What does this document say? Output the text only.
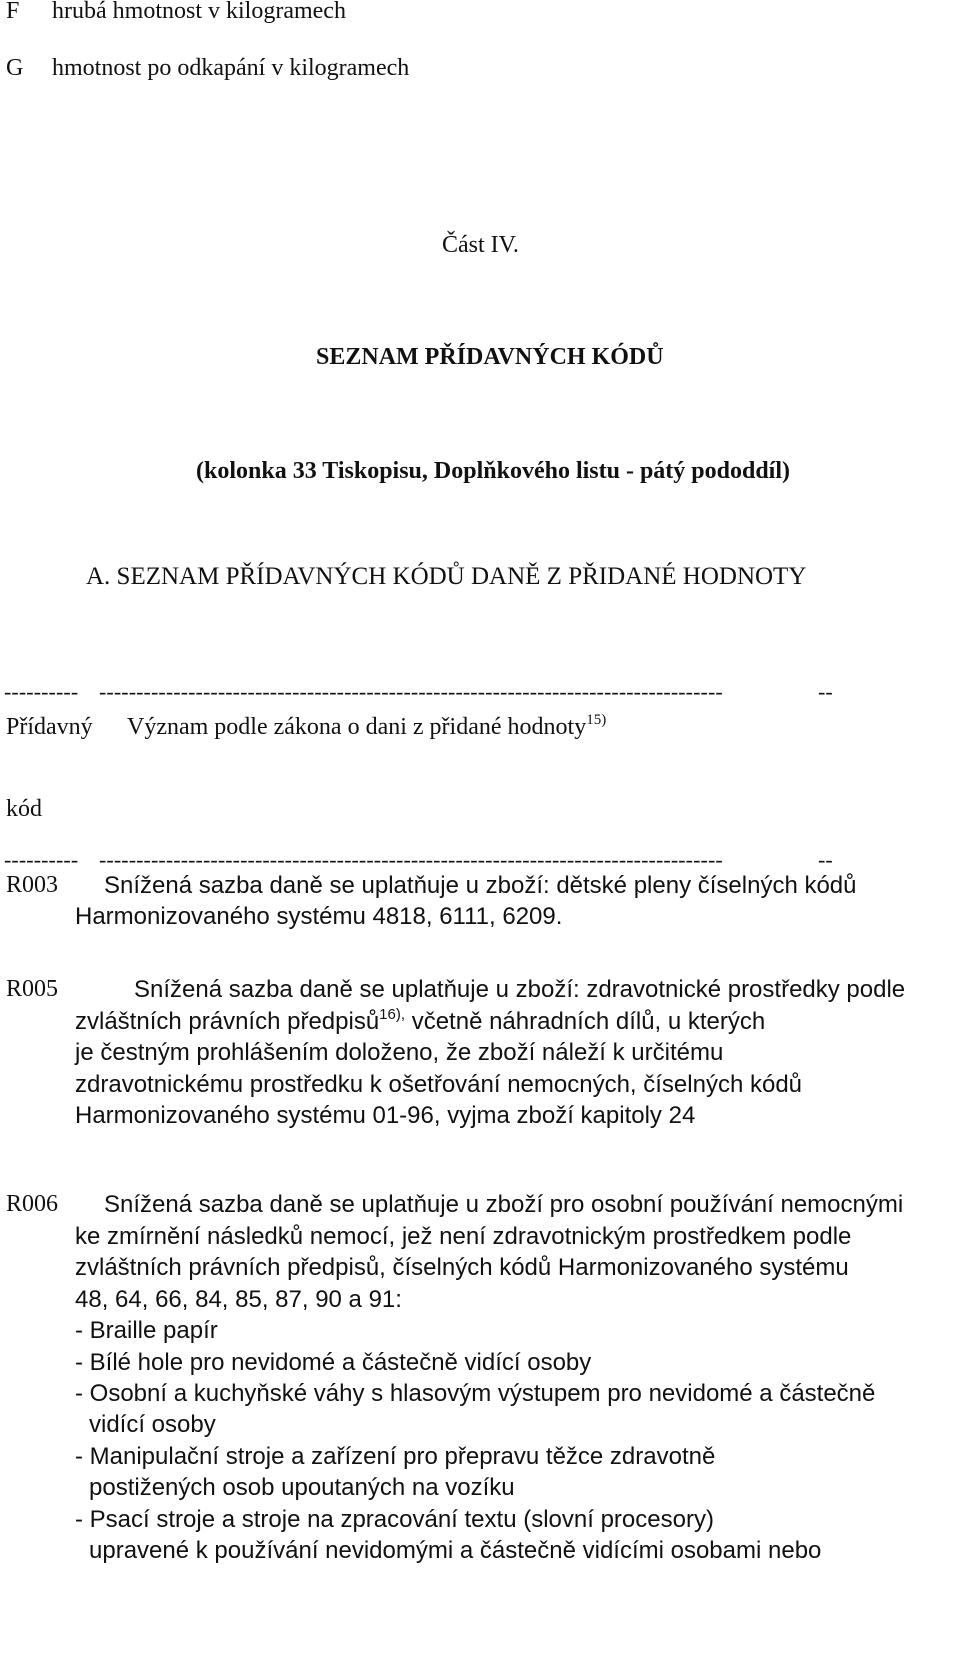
F hrubá hmotnost v kilogramech
G hmotnost po odkapání v kilogramech
Část IV.
SEZNAM PŘÍDAVNÝCH KÓDŮ
(kolonka 33 Tiskopisu, Doplňkového listu - pátý pododdíl)
A. SEZNAM PŘÍDAVNÝCH KÓDŮ DANĚ Z PŘIDANÉ HODNOTY
---------- ------------------------------------------------------------------------------------	--
Přídavný Význam podle zákona o dani z přidané hodnoty$^{15)}$
kód
---------- ------------------------------------------------------------------------------------	--
R003 Snížená sazba daně se uplatňuje u zboží: dětské pleny číselných kódů
Harmonizovaného systému 4818, 6111, 6209.
R005	Snížená sazba daně se uplatňuje u zboží: zdravotnické prostředky podle
zvláštních právních předpisů$^{16),}$ včetně náhradních dílů, u kterých
je čestným prohlášením doloženo, že zboží náleží k určitému
zdravotnickému prostředku k ošetřování nemocných, číselných kódů
Harmonizovaného systému 01-96, vyjma zboží kapitoly 24
R006 Snížená sazba daně se uplatňuje u zboží pro osobní používání nemocnými
ke zmírnění následků nemocí, jež není zdravotnickým prostředkem podle
zvláštních právních předpisů, číselných kódů Harmonizovaného systému
48, 64, 66, 84, 85, 87, 90 a 91:
- Braille papír
- Bílé hole pro nevidomé a částečně vidící osoby
- Osobní a kuchyňské váhy s hlasovým výstupem pro nevidomé a částečně
vidící osoby
- Manipulační stroje a zařízení pro přepravu těžce zdravotně
postižených osob upoutaných na vozíku
- Psací stroje a stroje na zpracování textu (slovní procesory)
upravené k používání nevidomými a částečně vidícími osobami nebo
